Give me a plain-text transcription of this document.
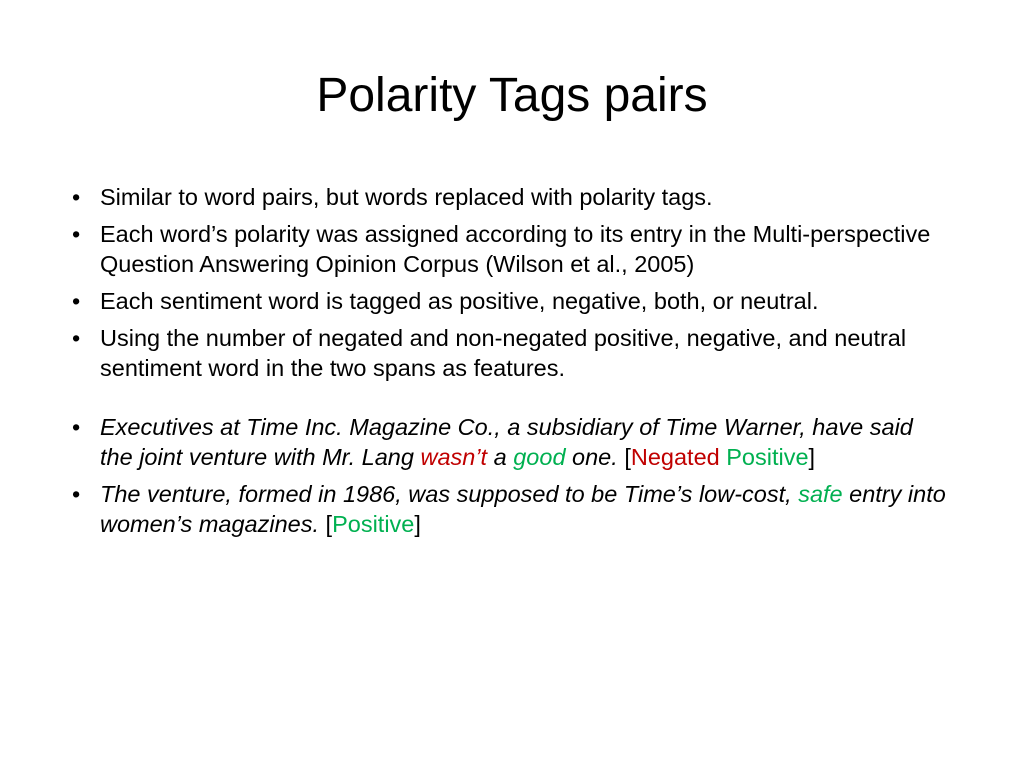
Polarity Tags pairs
• Similar to word pairs, but words replaced with polarity tags.
• Each word’s polarity was assigned according to its entry in the Multi-perspective Question Answering Opinion Corpus (Wilson et al., 2005)
• Each sentiment word is tagged as positive, negative, both, or neutral.
• Using the number of negated and non-negated positive, negative, and neutral sentiment word in the two spans as features.
• Executives at Time Inc. Magazine Co., a subsidiary of Time Warner, have said the joint venture with Mr. Lang wasn’t a good one. [Negated Positive]
• The venture, formed in 1986, was supposed to be Time’s low-cost, safe entry into women’s magazines. [Positive]
